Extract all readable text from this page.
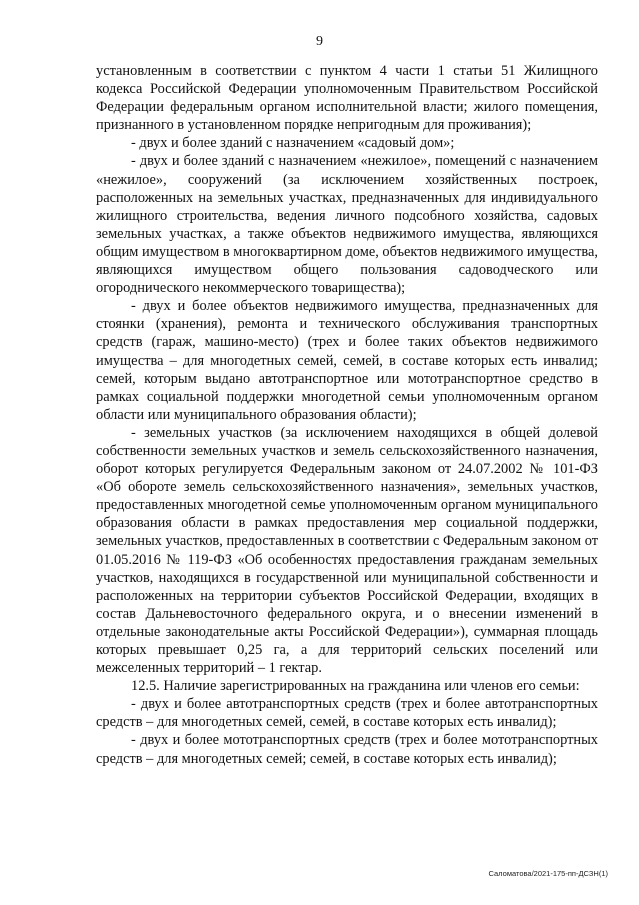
9

установленным в соответствии с пунктом 4 части 1 статьи 51 Жилищного кодекса Российской Федерации уполномоченным Правительством Российской Федерации федеральным органом исполнительной власти; жилого помещения, признанного в установленном порядке непригодным для проживания);

- двух и более зданий с назначением «садовый дом»;

- двух и более зданий с назначением «нежилое», помещений с назначением «нежилое», сооружений (за исключением хозяйственных построек, расположенных на земельных участках, предназначенных для индивидуального жилищного строительства, ведения личного подсобного хозяйства, садовых земельных участках, а также объектов недвижимого имущества, являющихся общим имуществом в многоквартирном доме, объектов недвижимого имущества, являющихся имуществом общего пользования садоводческого или огороднического некоммерческого товарищества);

- двух и более объектов недвижимого имущества, предназначенных для стоянки (хранения), ремонта и технического обслуживания транспортных средств (гараж, машино-место) (трех и более таких объектов недвижимого имущества – для многодетных семей, семей, в составе которых есть инвалид; семей, которым выдано автотранспортное или мототранспортное средство в рамках социальной поддержки многодетной семьи уполномоченным органом области или муниципального образования области);

- земельных участков (за исключением находящихся в общей долевой собственности земельных участков и земель сельскохозяйственного назначения, оборот которых регулируется Федеральным законом от 24.07.2002 № 101-ФЗ «Об обороте земель сельскохозяйственного назначения», земельных участков, предоставленных многодетной семье уполномоченным органом муниципального образования области в рамках предоставления мер социальной поддержки, земельных участков, предоставленных в соответствии с Федеральным законом от 01.05.2016 № 119-ФЗ «Об особенностях предоставления гражданам земельных участков, находящихся в государственной или муниципальной собственности и расположенных на территории субъектов Российской Федерации, входящих в состав Дальневосточного федерального округа, и о внесении изменений в отдельные законодательные акты Российской Федерации»), суммарная площадь которых превышает 0,25 га, а для территорий сельских поселений или межселенных территорий – 1 гектар.

12.5. Наличие зарегистрированных на гражданина или членов его семьи:

- двух и более автотранспортных средств (трех и более автотранспортных средств – для многодетных семей, семей, в составе которых есть инвалид);

- двух и более мототранспортных средств (трех и более мототранспортных средств – для многодетных семей; семей, в составе которых есть инвалид);

Саломатова/2021-175-пп-ДСЗН(1)
